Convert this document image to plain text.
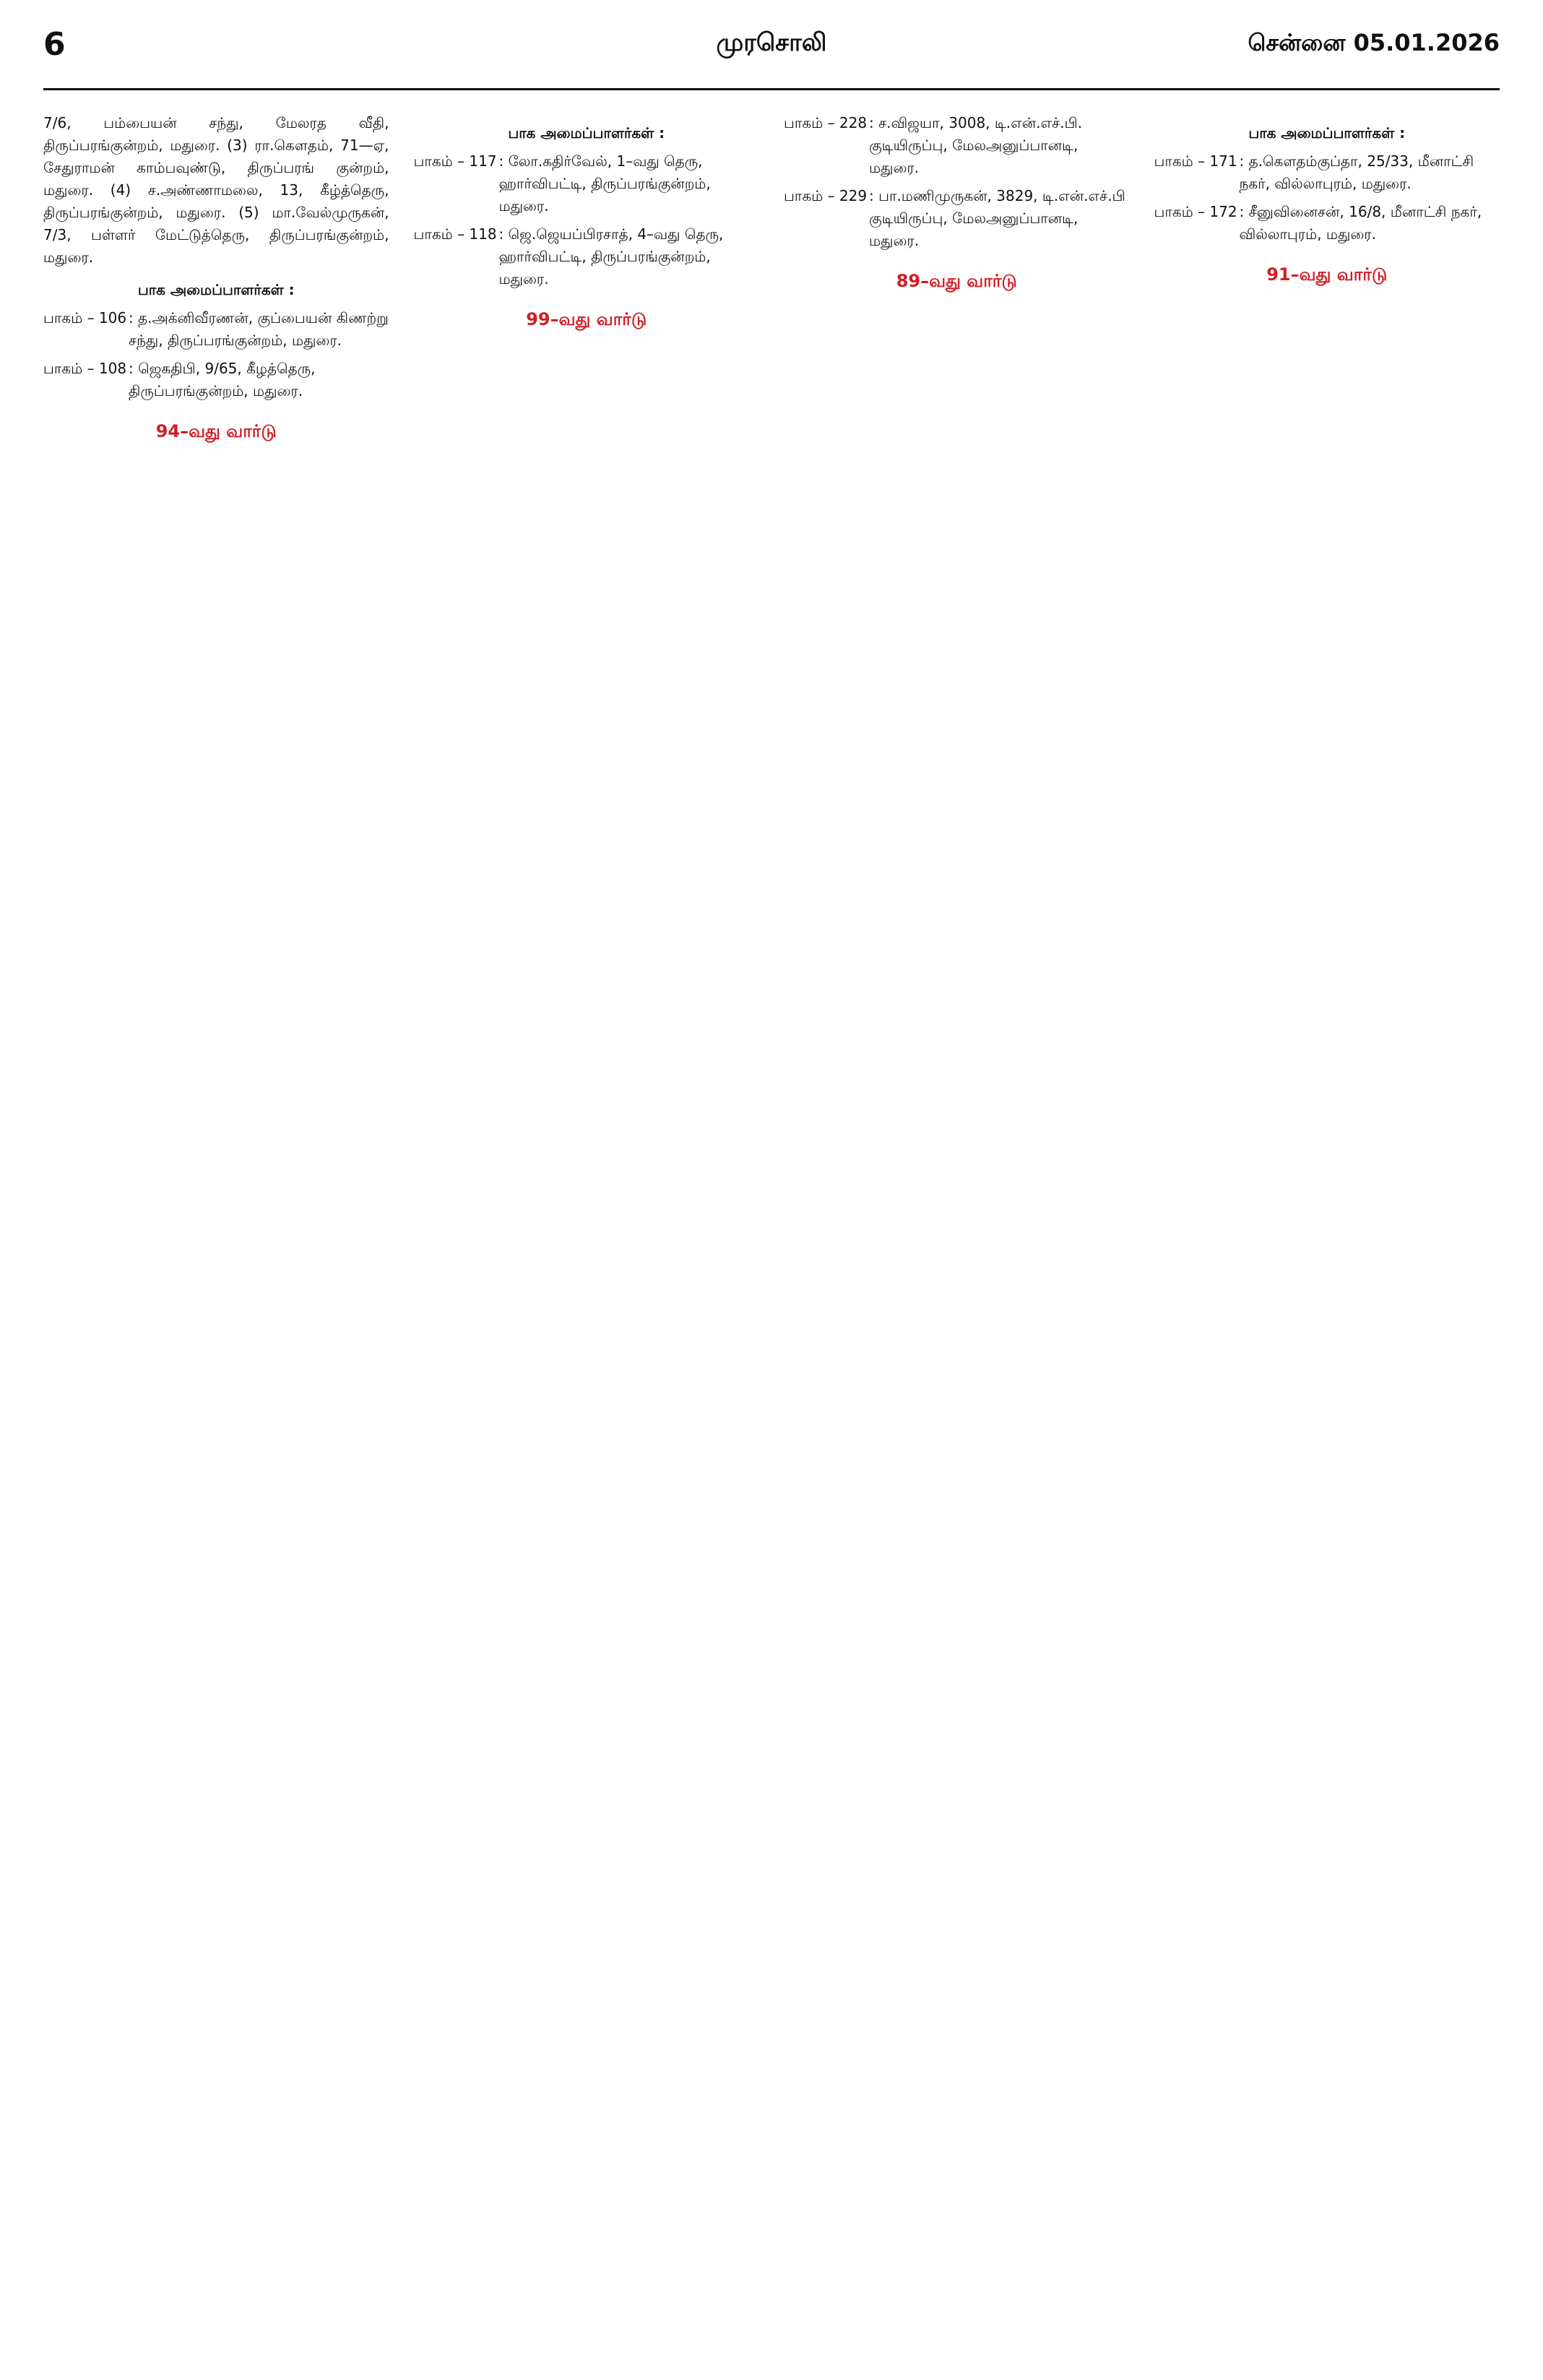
6	முரசொலி	சென்னை 05.01.2026
7/6, பம்பையன் சந்து, மேலரத வீதி, திருப்பரங்குன்றம், மதுரை. (3) ரா.கௌதம், 71—ஏ, சேதுராமன் காம்பவுண்டு, திருப்பரங் குன்றம், மதுரை. (4) ச.அண்ணாமலை, 13, கீழ்த்தெரு, திருப்பரங்குன்றம், மதுரை. (5) மா.வேல்முருகன், 7/3, பள்ளர் மேட்டுத்தெரு, திருப்பரங்குன்றம், மதுரை.
பாக அமைப்பாளர்கள் :
பாகம் – 106 : த.அக்னிவீரணன், குப்பையன் கிணற்று சந்து, திருப்பரங்குன்றம், மதுரை.
பாகம் – 108 : ஜெகதிபி, 9/65, கீழத்தெரு, திருப்பரங்குன்றம், மதுரை.
94–வது வார்டு
பாக அமைப்பாளர்கள் :
பாகம் – 117 : லோ.கதிர்வேல், 1–வது தெரு, ஹார்விபட்டி, திருப்பரங்குன்றம், மதுரை.
பாகம் – 118 : ஜெ.ஜெயப்பிரசாத், 4–வது தெரு, ஹார்விபட்டி, திருப்பரங்குன்றம், மதுரை.
99–வது வார்டு
பாகம் – 228 : ச.விஜயா, 3008, டி.என்.எச்.பி. குடியிருப்பு, மேலஅனுப்பானடி, மதுரை.
பாகம் – 229 : பா.மணிமுருகன், 3829, டி.என்.எச்.பி குடியிருப்பு, மேலஅனுப்பானடி, மதுரை.
89–வது வார்டு
பாக அமைப்பாளர்கள் :
பாகம் – 171 : த.கௌதம்குப்தா, 25/33, மீனாட்சி நகர், வில்லாபுரம், மதுரை.
பாகம் – 172 : சீனுவினைசன், 16/8, மீனாட்சி நகர், வில்லாபுரம், மதுரை.
91–வது வார்டு
